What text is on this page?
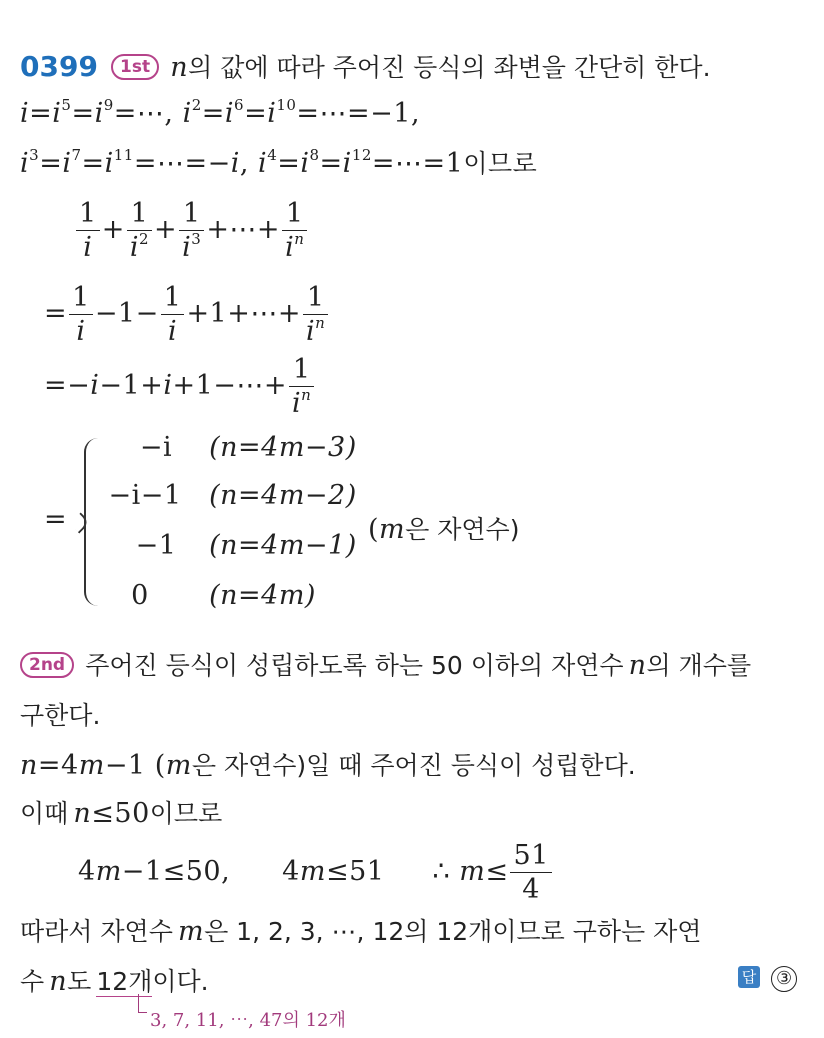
0399 1st n의 값에 따라 주어진 등식의 좌변을 간단히 한다.
$i=i^5=i^9=\cdots$, $i^2=i^6=i^{10}=\cdots=-1$,
$i^3=i^7=i^{11}=\cdots=-i$, $i^4=i^8=i^{12}=\cdots=1$이므로
$\frac{1}{i} + \frac{1}{i^2} + \frac{1}{i^3}$ +⋯+ $\frac{1}{i^n}$
= $\frac{1}{i} -1- \frac{1}{i}$ +1+⋯+ $\frac{1}{i^n}$
=−i−1+i+1−⋯+ $\frac{1}{i^n}$
=
−i (n=4m−3)
−i−1 (n=4m−2)
−1 (n=4m−1)
0 (n=4m)
(m은 자연수)
2nd 주어진 등식이 성립하도록 하는 50 이하의 자연수 n의 개수를
구한다.
n=4m−1 (m은 자연수)일 때 주어진 등식이 성립한다.
이때 n≤50이므로
4m−1≤50, 4m≤51 ∴ $m\le \frac{51}{4}$
따라서 자연수 m은 1, 2, 3, ⋯, 12의 12개이므로 구하는 자연
수 n도 12개이다.
3, 7, 11, ⋯, 47의 12개
답 ③
